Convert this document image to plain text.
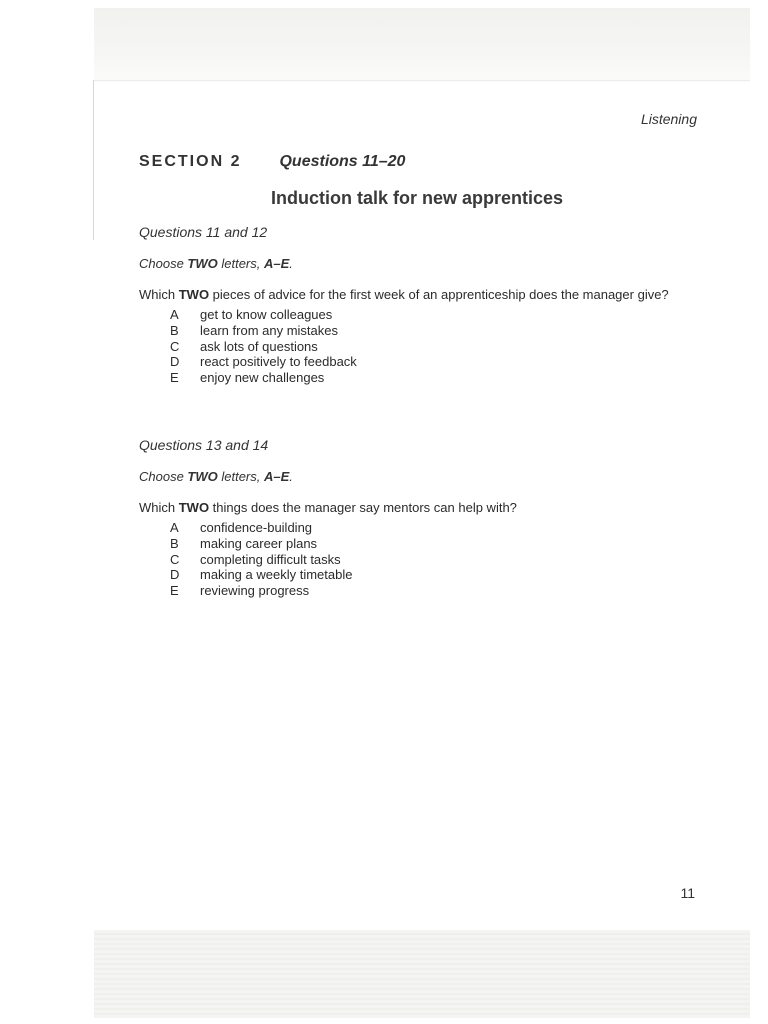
Listening
SECTION 2 Questions 11–20
Induction talk for new apprentices
Questions 11 and 12
Choose TWO letters, A–E.
Which TWO pieces of advice for the first week of an apprenticeship does the manager give?
A	get to know colleagues
B	learn from any mistakes
C	ask lots of questions
D	react positively to feedback
E	enjoy new challenges
Questions 13 and 14
Choose TWO letters, A–E.
Which TWO things does the manager say mentors can help with?
A	confidence-building
B	making career plans
C	completing difficult tasks
D	making a weekly timetable
E	reviewing progress
11
